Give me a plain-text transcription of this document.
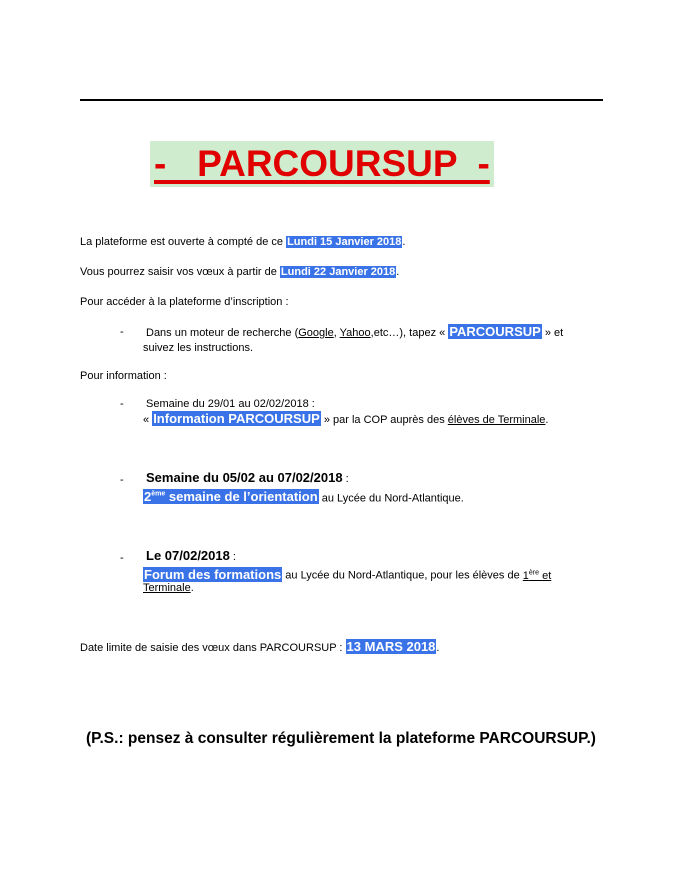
-   PARCOURSUP  -
La plateforme est ouverte à compté de ce Lundi 15 Janvier 2018.
Vous pourrez saisir vos vœux à partir de Lundi 22 Janvier 2018.
Pour accéder à la plateforme d’inscription :
- Dans un moteur de recherche (Google, Yahoo,etc…), tapez « PARCOURSUP » et
suivez les instructions.
Pour information :
- Semaine du 29/01 au 02/02/2018 :
« Information PARCOURSUP » par la COP auprès des élèves de Terminale.
- Semaine du 05/02 au 07/02/2018 :
2ème semaine de l’orientation au Lycée du Nord-Atlantique.
- Le 07/02/2018 :
Forum des formations au Lycée du Nord-Atlantique, pour les élèves de 1ère et
Terminale.
Date limite de saisie des vœux dans PARCOURSUP : 13 MARS 2018.
(P.S.: pensez à consulter régulièrement la plateforme PARCOURSUP.)
